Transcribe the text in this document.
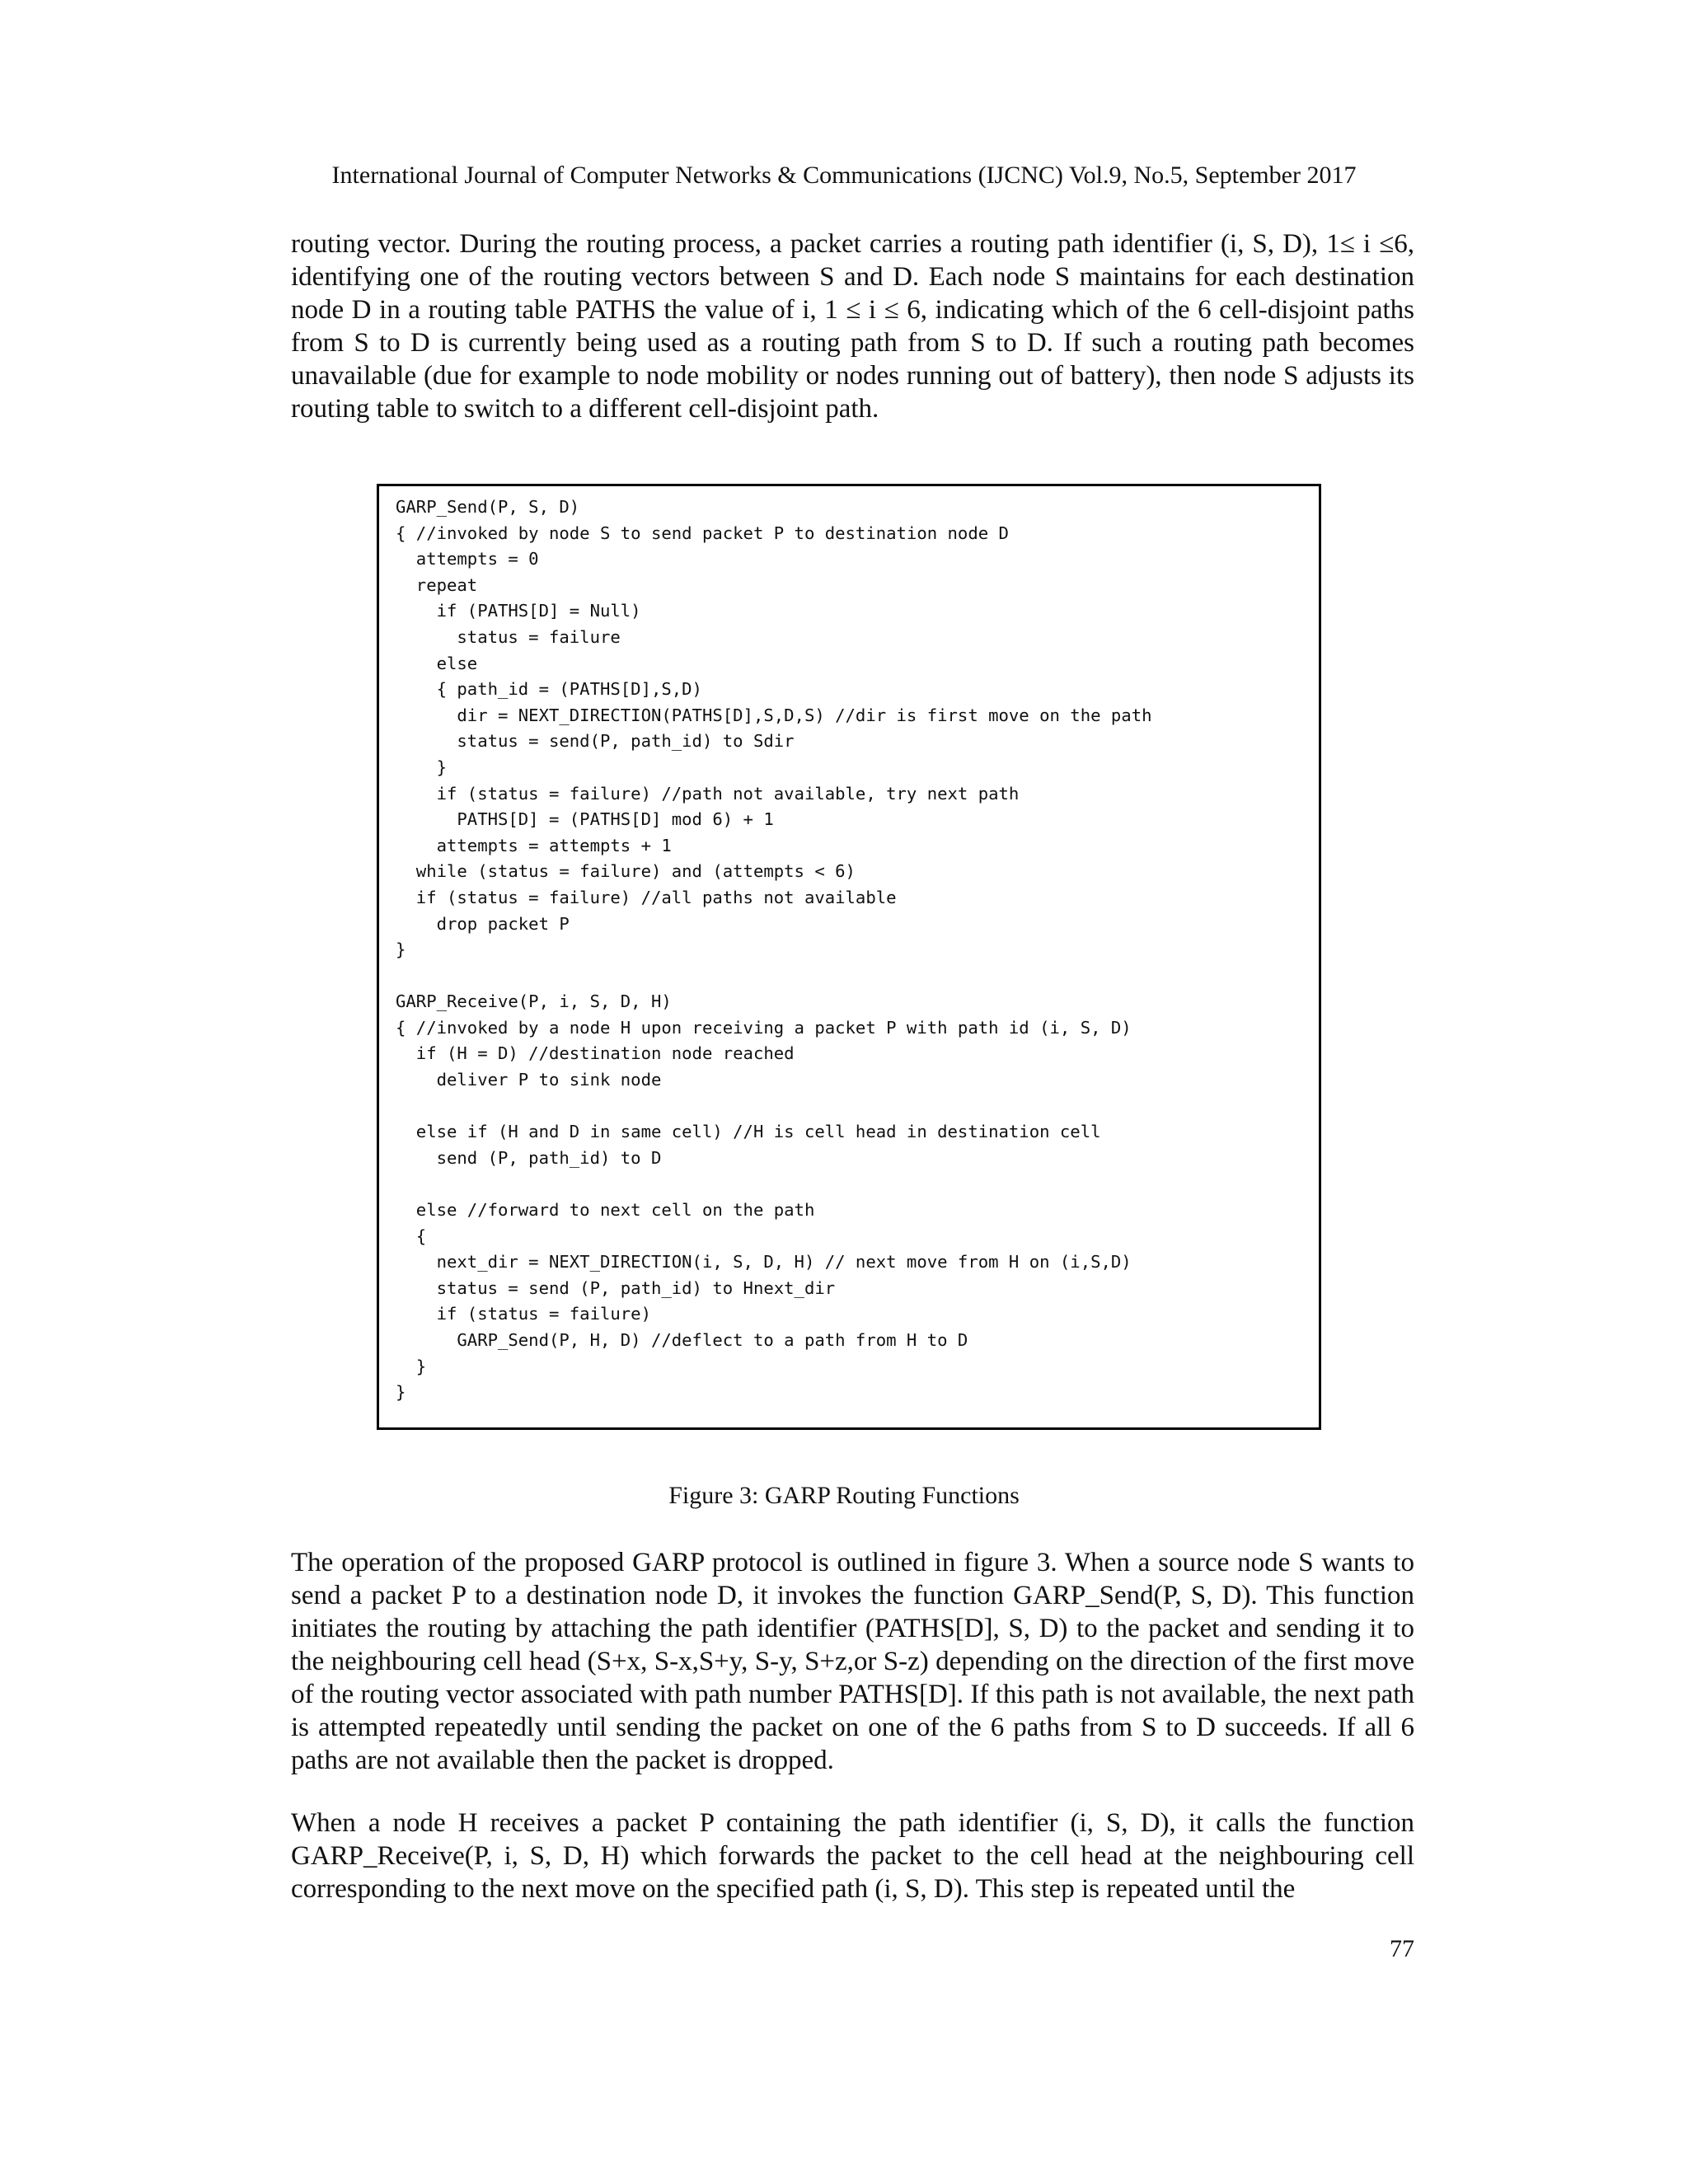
International Journal of Computer Networks & Communications (IJCNC) Vol.9, No.5, September 2017

routing vector. During the routing process, a packet carries a routing path identifier (i, S, D), 1≤ i ≤6, identifying one of the routing vectors between S and D. Each node S maintains for each destination node D in a routing table PATHS the value of i, 1 ≤ i ≤ 6, indicating which of the 6 cell-disjoint paths from S to D is currently being used as a routing path from S to D. If such a routing path becomes unavailable (due for example to node mobility or nodes running out of battery), then node S adjusts its routing table to switch to a different cell-disjoint path.

GARP_Send(P, S, D)
{ //invoked by node S to send packet P to destination node D
attempts = 0
repeat
if (PATHS[D] = Null)
status = failure
else
{ path_id = (PATHS[D],S,D)
dir = NEXT_DIRECTION(PATHS[D],S,D,S) //dir is first move on the path
status = send(P, path_id) to Sdir
}
if (status = failure) //path not available, try next path
PATHS[D] = (PATHS[D] mod 6) + 1
attempts = attempts + 1
while (status = failure) and (attempts < 6)
if (status = failure) //all paths not available
drop packet P
}

GARP_Receive(P, i, S, D, H)
{ //invoked by a node H upon receiving a packet P with path id (i, S, D)
if (H = D) //destination node reached
deliver P to sink node

else if (H and D in same cell) //H is cell head in destination cell
send (P, path_id) to D

else //forward to next cell on the path
{
next_dir = NEXT_DIRECTION(i, S, D, H) // next move from H on (i,S,D)
status = send (P, path_id) to Hnext_dir
if (status = failure)
GARP_Send(P, H, D) //deflect to a path from H to D
}
}

Figure 3: GARP Routing Functions

The operation of the proposed GARP protocol is outlined in figure 3. When a source node S wants to send a packet P to a destination node D, it invokes the function GARP_Send(P, S, D). This function initiates the routing by attaching the path identifier (PATHS[D], S, D) to the packet and sending it to the neighbouring cell head (S+x, S-x,S+y, S-y, S+z,or S-z) depending on the direction of the first move of the routing vector associated with path number PATHS[D]. If this path is not available, the next path is attempted repeatedly until sending the packet on one of the 6 paths from S to D succeeds. If all 6 paths are not available then the packet is dropped.

When a node H receives a packet P containing the path identifier (i, S, D), it calls the function GARP_Receive(P, i, S, D, H) which forwards the packet to the cell head at the neighbouring cell corresponding to the next move on the specified path (i, S, D). This step is repeated until the

77
